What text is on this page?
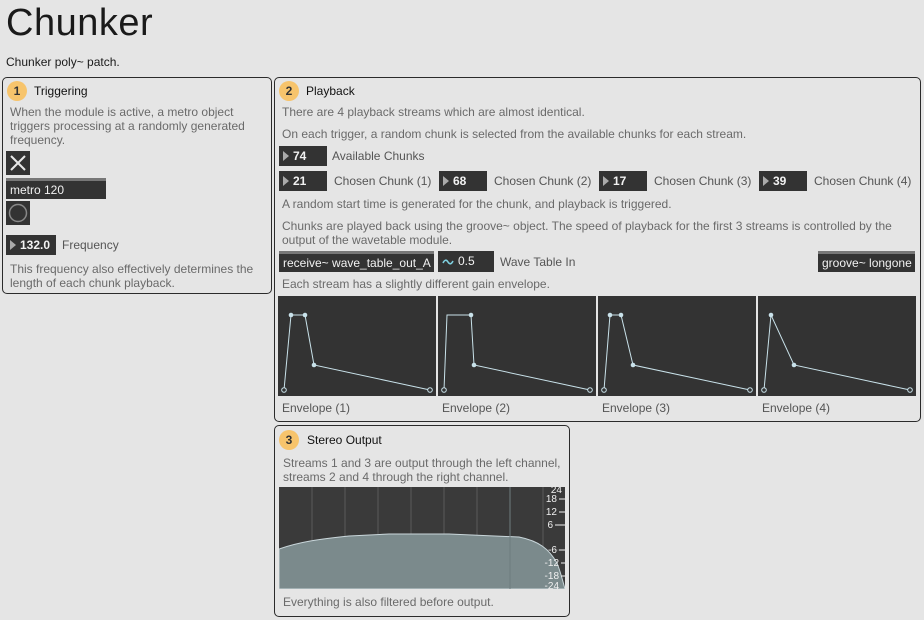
Chunker
Chunker poly~ patch.
1	Triggering
When the module is active, a metro object triggers processing at a randomly generated frequency.
metro 120
132.0 Frequency
This frequency also effectively determines the length of each chunk playback.
2	Playback
There are 4 playback streams which are almost identical.
On each trigger, a random chunk is selected from the available chunks for each stream.
74	Available Chunks
21	Chosen Chunk (1)	68	Chosen Chunk (2)	17	Chosen Chunk (3)	39	Chosen Chunk (4)
A random start time is generated for the chunk, and playback is triggered.
Chunks are played back using the groove~ object. The speed of playback for the first 3 streams is controlled by the output of the wavetable module.
receive~ wave_table_out_A	0.5	Wave Table In	groove~ longone
Each stream has a slightly different gain envelope.
Envelope (1)	Envelope (2)	Envelope (3)	Envelope (4)
3	Stereo Output
Streams 1 and 3 are output through the left channel, streams 2 and 4 through the right channel.
24
18
12
6
-6
-12
-18
-24
Everything is also filtered before output.
